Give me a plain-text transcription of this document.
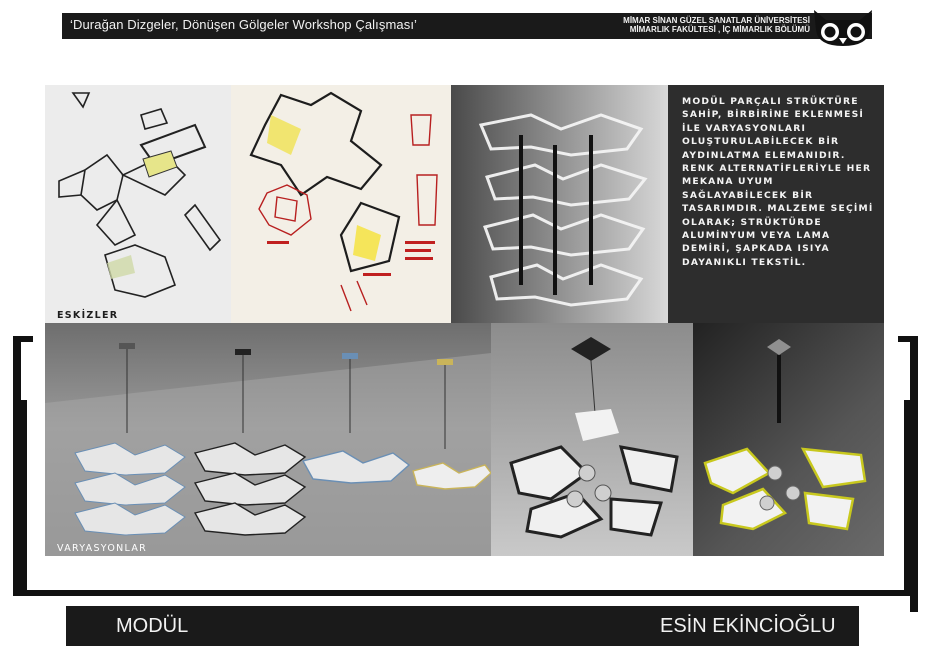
‘Durağan Dizgeler, Dönüşen Gölgeler Workshop Çalışması’	MİMAR SİNAN GÜZEL SANATLAR ÜNİVERSİTESİ
MİMARLIK FAKÜLTESİ , İÇ MİMARLIK BÖLÜMÜ
ESKİZLER
MODÜL PARÇALI STRÜKTÜRE SAHİP, BİRBİRİNE EKLENMESİ İLE VARYASYONLARI OLUŞTURULABİLECEK BİR AYDINLATMA ELEMANIDIR. RENK ALTERNATİFLERİYLE HER MEKANA UYUM SAĞLAYABİLECEK BİR TASARIMDIR. MALZEME SEÇİMİ OLARAK; STRÜKTÜRDE ALUMİNYUM VEYA LAMA DEMİRİ, ŞAPKADA ISIYA DAYANIKLI TEKSTİL.
VARYASYONLAR
MODÜL	ESİN EKİNCİOĞLU
